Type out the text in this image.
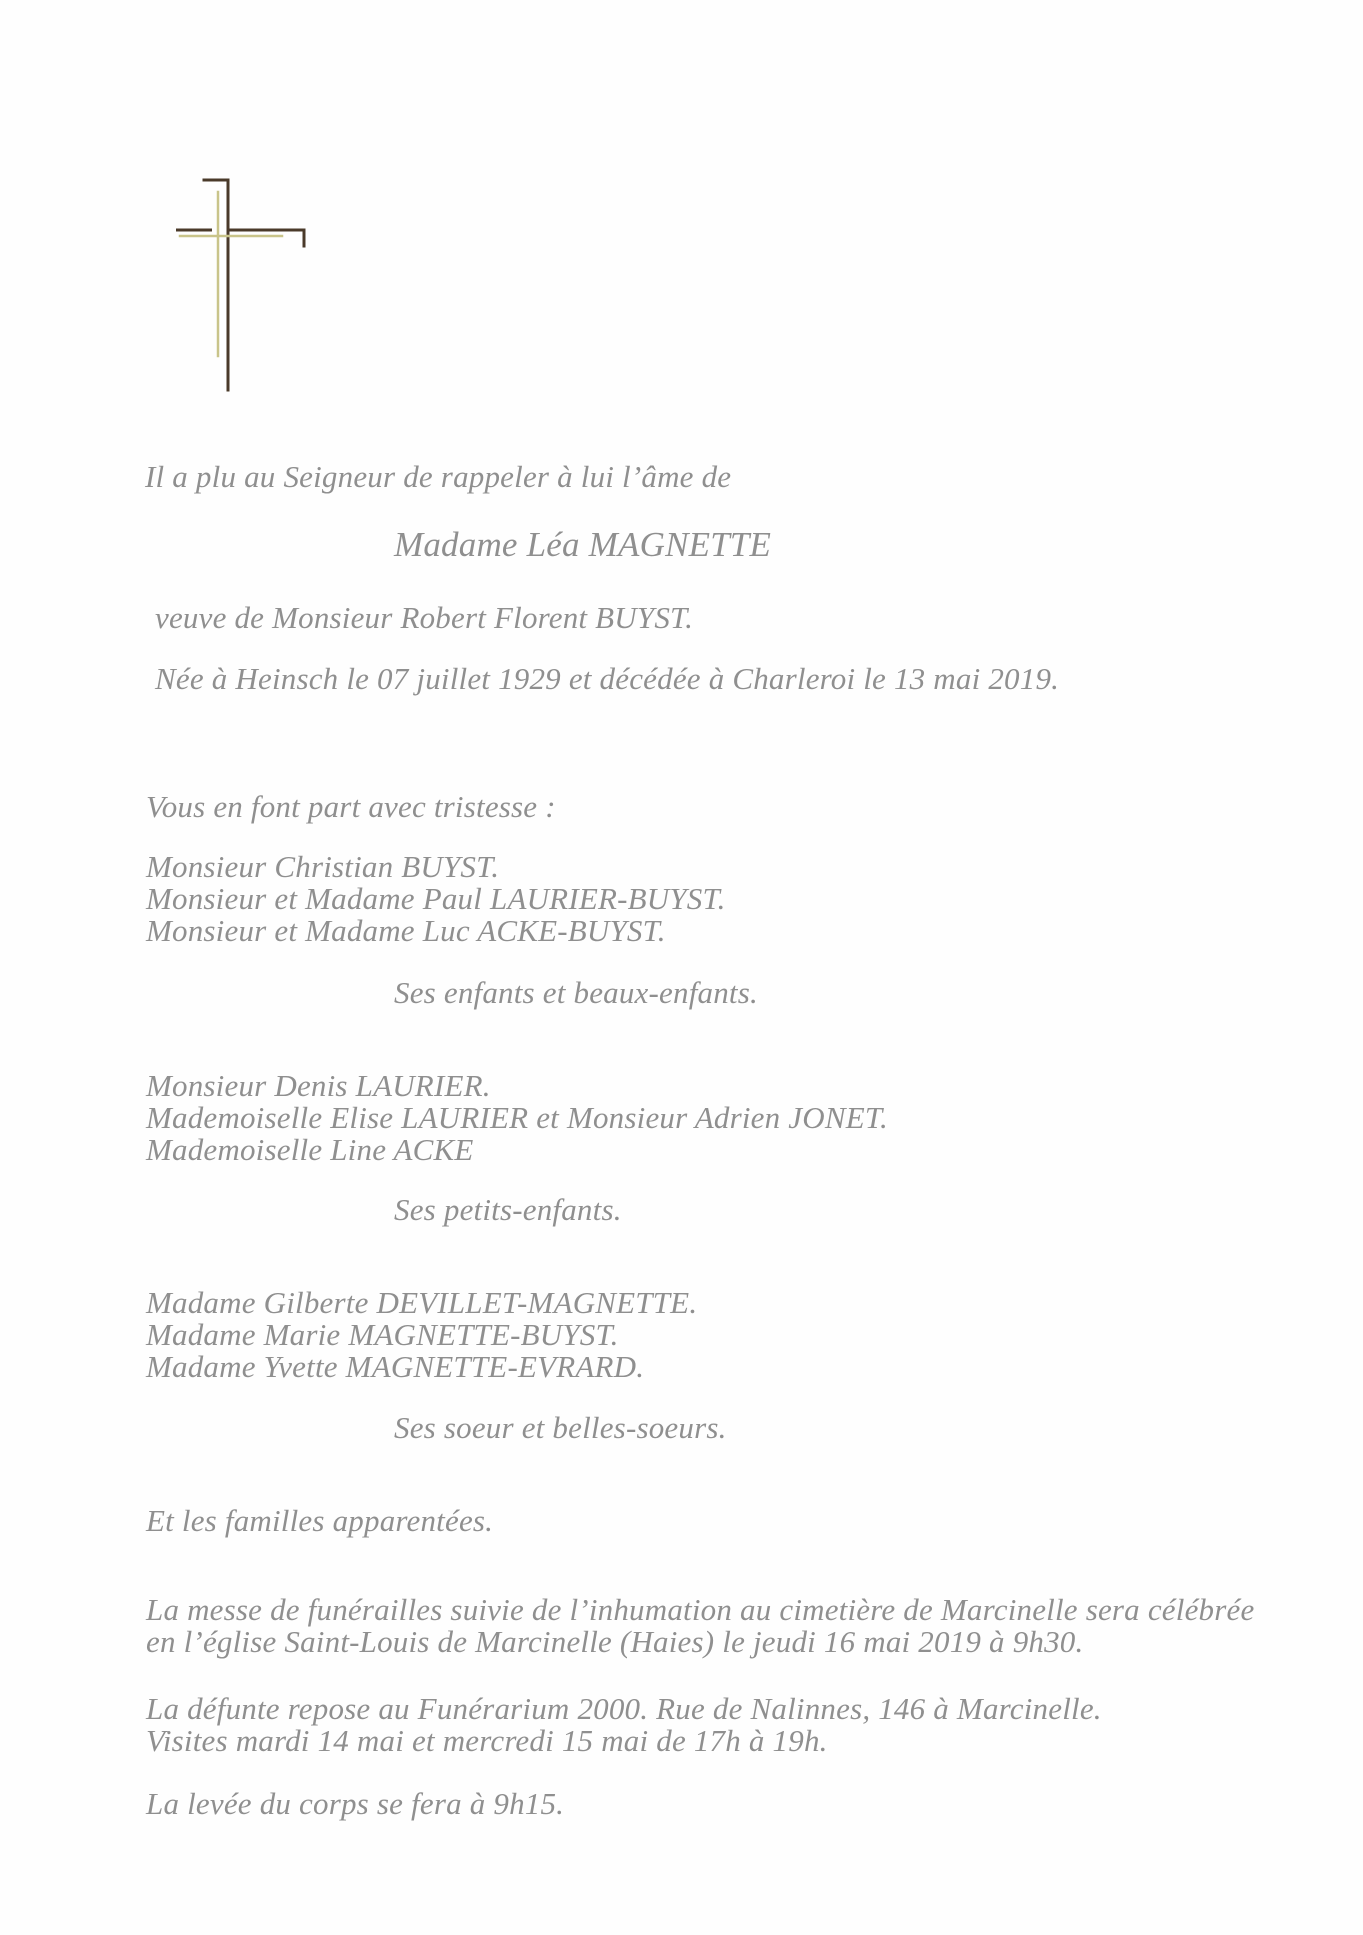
Il a plu au Seigneur de rappeler à lui l’âme de
Madame Léa MAGNETTE
veuve de Monsieur Robert Florent BUYST.
Née à Heinsch le 07 juillet 1929 et décédée à Charleroi le 13 mai 2019.
Vous en font part avec tristesse :
Monsieur Christian BUYST.
Monsieur et Madame Paul LAURIER-BUYST.
Monsieur et Madame Luc ACKE-BUYST.
Ses enfants et beaux-enfants.
Monsieur Denis LAURIER.
Mademoiselle Elise LAURIER et Monsieur Adrien JONET.
Mademoiselle Line ACKE
Ses petits-enfants.
Madame Gilberte DEVILLET-MAGNETTE.
Madame Marie MAGNETTE-BUYST.
Madame Yvette MAGNETTE-EVRARD.
Ses soeur et belles-soeurs.
Et les familles apparentées.
La messe de funérailles suivie de l’inhumation au cimetière de Marcinelle sera célébrée
en l’église Saint-Louis de Marcinelle (Haies) le jeudi 16 mai 2019 à 9h30.
La défunte repose au Funérarium 2000. Rue de Nalinnes, 146 à Marcinelle.
Visites mardi 14 mai et mercredi 15 mai de 17h à 19h.
La levée du corps se fera à 9h15.
